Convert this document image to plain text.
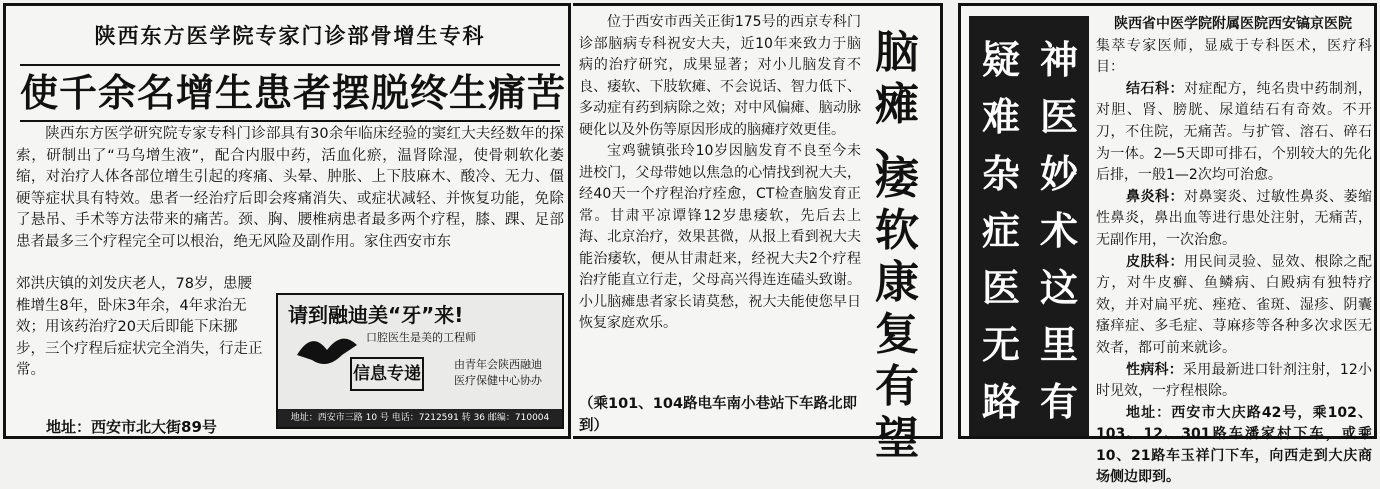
陕西东方医学院专家门诊部骨增生专科
使千余名增生患者摆脱终生痛苦
陕西东方医学研究院专家专科门诊部具有30余年临床经验的窦红大夫经数年的探索，研制出了“马乌增生液”，配合内服中药，活血化瘀，温肾除湿，使骨刺软化萎缩，对治疗人体各部位增生引起的疼痛、头晕、肿胀、上下肢麻木、酸冷、无力、僵硬等症状具有特效。患者一经治疗后即会疼痛消失、或症状减轻、并恢复功能，免除了悬吊、手术等方法带来的痛苦。颈、胸、腰椎病患者最多两个疗程，膝、踝、足部患者最多三个疗程完全可以根治，绝无风险及副作用。家住西安市东
郊洪庆镇的刘发庆老人，78岁，患腰椎增生8年，卧床3年余，4年求治无效；用该药治疗20天后即能下床挪步，三个疗程后症状完全消失，行走正常。
地址：西安市北大街89号
请到融迪美“牙”来!
口腔医生是美的工程师
信息专递	由青年会陕西融迪
医疗保健中心协办
地址：西安市三路 10 号 电话：7212591 转 36 邮编：710004
位于西安市西关正街175号的西京专科门诊部脑病专科祝安大夫，近10年来致力于脑病的治疗研究，成果显著；对小儿脑发育不良、痿软、下肢软瘫、不会说话、智力低下、多动症有药到病除之效；对中风偏瘫、脑动脉硬化以及外伤等原因形成的脑瘫疗效更佳。
宝鸡虢镇张玲10岁因脑发育不良至今未进校门，父母带她以焦急的心情找到祝大夫，经40天一个疗程治疗痊愈，CT检查脑发育正常。甘肃平凉谭锋12岁患痿软，先后去上海、北京治疗，效果甚微，从报上看到祝大夫能治痿软，便从甘肃赶来，经祝大夫2个疗程治疗能直立行走，父母高兴得连连磕头致谢。小儿脑瘫患者家长请莫愁，祝大夫能使您早日恢复家庭欢乐。
（乘101、104路电车南小巷站下车路北即到）
脑
瘫
、
痿
软
康
复
有
望
神
医
妙
术
这
里
有
疑
难
杂
症
医
无
路
陕西省中医学院附属医院西安镐京医院
集萃专家医师，显威于专科医术，医疗科目：
结石科：对症配方，纯名贵中药制剂，对胆、肾、膀胱、尿道结石有奇效。不开刀，不住院，无痛苦。与扩管、溶石、碎石为一体。2—5天即可排石，个别较大的先化后排，一般1—2次均可治愈。
鼻炎科：对鼻窦炎、过敏性鼻炎、萎缩性鼻炎，鼻出血等进行患处注射，无痛苦，无副作用，一次治愈。
皮肤科：用民间灵验、显效、根除之配方，对牛皮癣、鱼鳞病、白殿病有独特疗效，并对扁平疣、痤疮、雀斑、湿疹、阴囊瘙痒症、多毛症、荨麻疹等各种多次求医无效者，都可前来就诊。
性病科：采用最新进口针剂注射，12小时见效，一疗程根除。
地址：西安市大庆路42号，乘102、103、12、301路车潘家村下车，或乘10、21路车玉祥门下车，向西走到大庆商场侧边即到。
